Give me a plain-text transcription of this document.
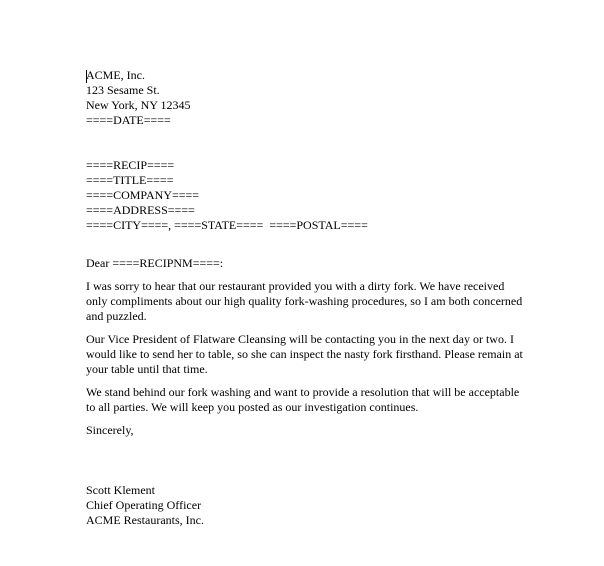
ACME, Inc.
123 Sesame St.
New York, NY 12345
====DATE====
====RECIP====
====TITLE====
====COMPANY====
====ADDRESS====
====CITY====, ====STATE====  ====POSTAL====
Dear ====RECIPNM====:

I was sorry to hear that our restaurant provided you with a dirty fork. We have received only compliments about our high quality fork-washing procedures, so I am both concerned and puzzled.

Our Vice President of Flatware Cleansing will be contacting you in the next day or two. I would like to send her to table, so she can inspect the nasty fork firsthand. Please remain at your table until that time.

We stand behind our fork washing and want to provide a resolution that will be acceptable to all parties. We will keep you posted as our investigation continues.

Sincerely,
Scott Klement
Chief Operating Officer
ACME Restaurants, Inc.
